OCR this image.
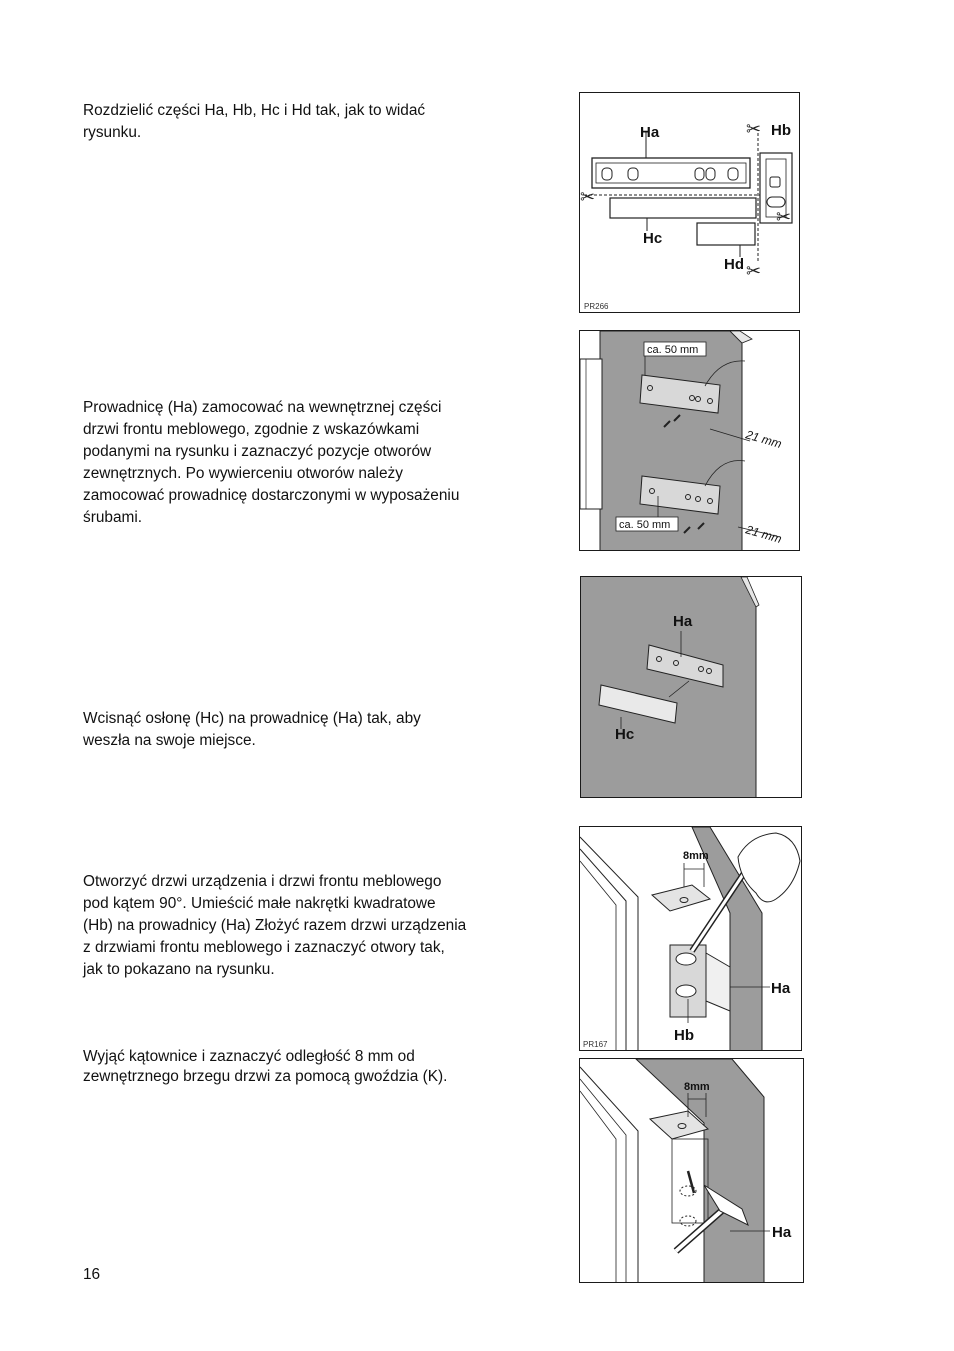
Rozdzielić części Ha, Hb, Hc i Hd tak, jak to widać rysunku.

Prowadnicę (Ha) zamocować na wewnętrznej części drzwi frontu meblowego, zgodnie z wskazówkami podanymi na rysunku i zaznaczyć pozycje otworów zewnętrznych. Po wywierceniu otworów należy zamocować prowadnicę dostarczonymi w wyposażeniu śrubami.

Wcisnąć osłonę (Hc) na prowadnicę (Ha) tak, aby weszła na swoje miejsce.

Otworzyć drzwi urządzenia i drzwi frontu meblowego pod kątem 90°. Umieścić małe nakrętki kwadratowe (Hb) na prowadnicy (Ha) Złożyć razem drzwi urządzenia z drzwiami frontu meblowego i zaznaczyć otwory tak, jak to pokazano na rysunku.

Wyjąć kątownice i zaznaczyć odległość 8 mm od zewnętrznego brzegu drzwi za pomocą gwoździa (K).

✂
✂
✂
✂
Ha	Hb
Hc
Hd
PR266
ca. 50 mm
ca. 50 mm
21 mm
21 mm
Ha
Hc
8mm
Ha
Hb
PR167
8mm
Ha
16
